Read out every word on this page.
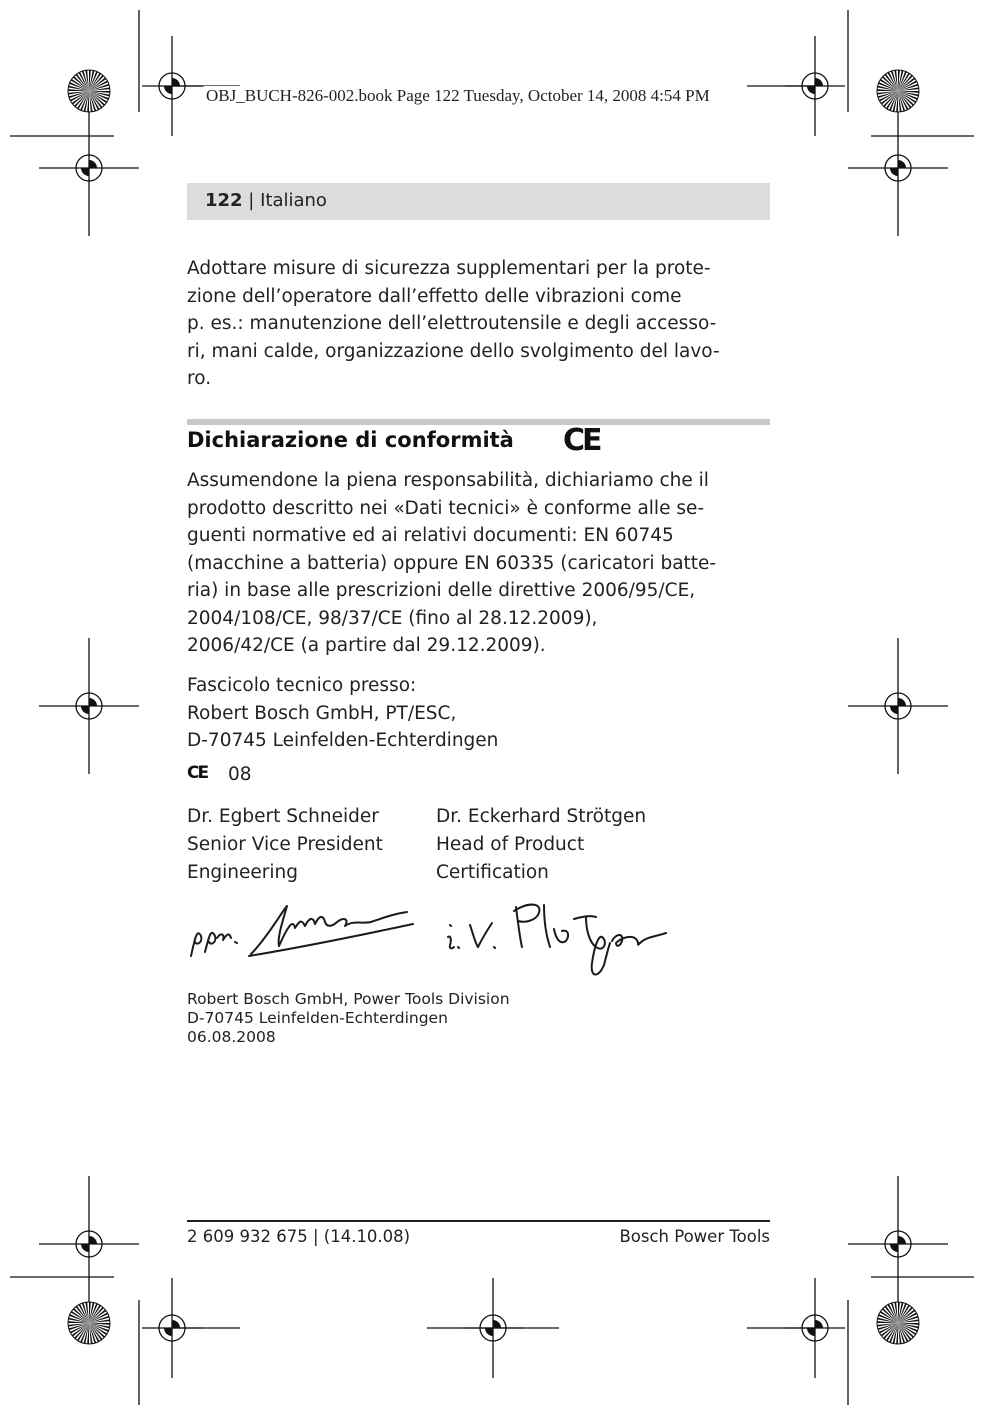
OBJ_BUCH-826-002.book Page 122 Tuesday, October 14, 2008 4:54 PM
122 | Italiano
Adottare misure di sicurezza supplementari per la prote-
zione dell’operatore dall’effetto delle vibrazioni come
p. es.: manutenzione dell’elettroutensile e degli accesso-
ri, mani calde, organizzazione dello svolgimento del lavo-
ro.
Dichiarazione di conformità CE
Assumendone la piena responsabilità, dichiariamo che il
prodotto descritto nei «Dati tecnici» è conforme alle se-
guenti normative ed ai relativi documenti: EN 60745
(macchine a batteria) oppure EN 60335 (caricatori batte-
ria) in base alle prescrizioni delle direttive 2006/95/CE,
2004/108/CE, 98/37/CE (fino al 28.12.2009),
2006/42/CE (a partire dal 29.12.2009).
Fascicolo tecnico presso:
Robert Bosch GmbH, PT/ESC,
D-70745 Leinfelden-Echterdingen
CE 08
Dr. Egbert Schneider
Senior Vice President
Engineering
Dr. Eckerhard Strötgen
Head of Product
Certification
Robert Bosch GmbH, Power Tools Division
D-70745 Leinfelden-Echterdingen
06.08.2008
2 609 932 675 | (14.10.08)	Bosch Power Tools
